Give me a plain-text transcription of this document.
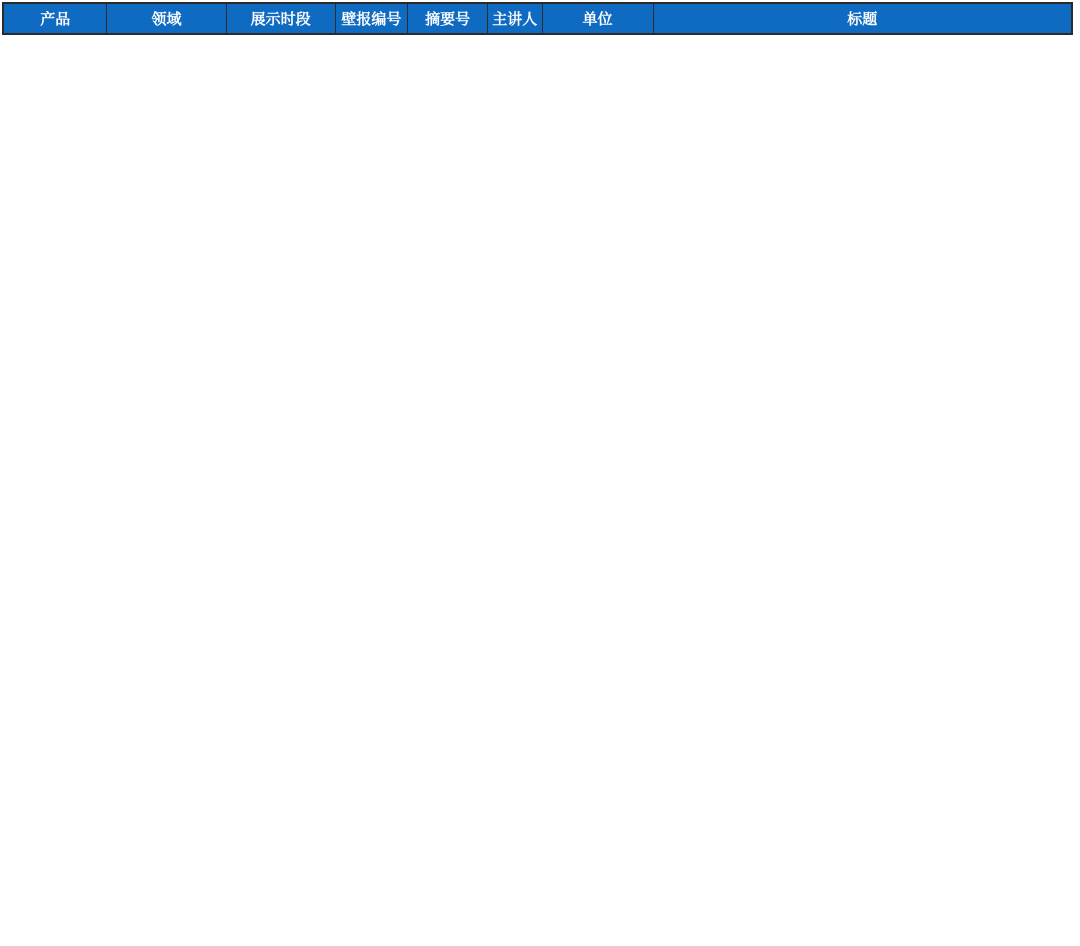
产品	领域	展示时段	壁报编号	摘要号	主讲人	单位	标题
